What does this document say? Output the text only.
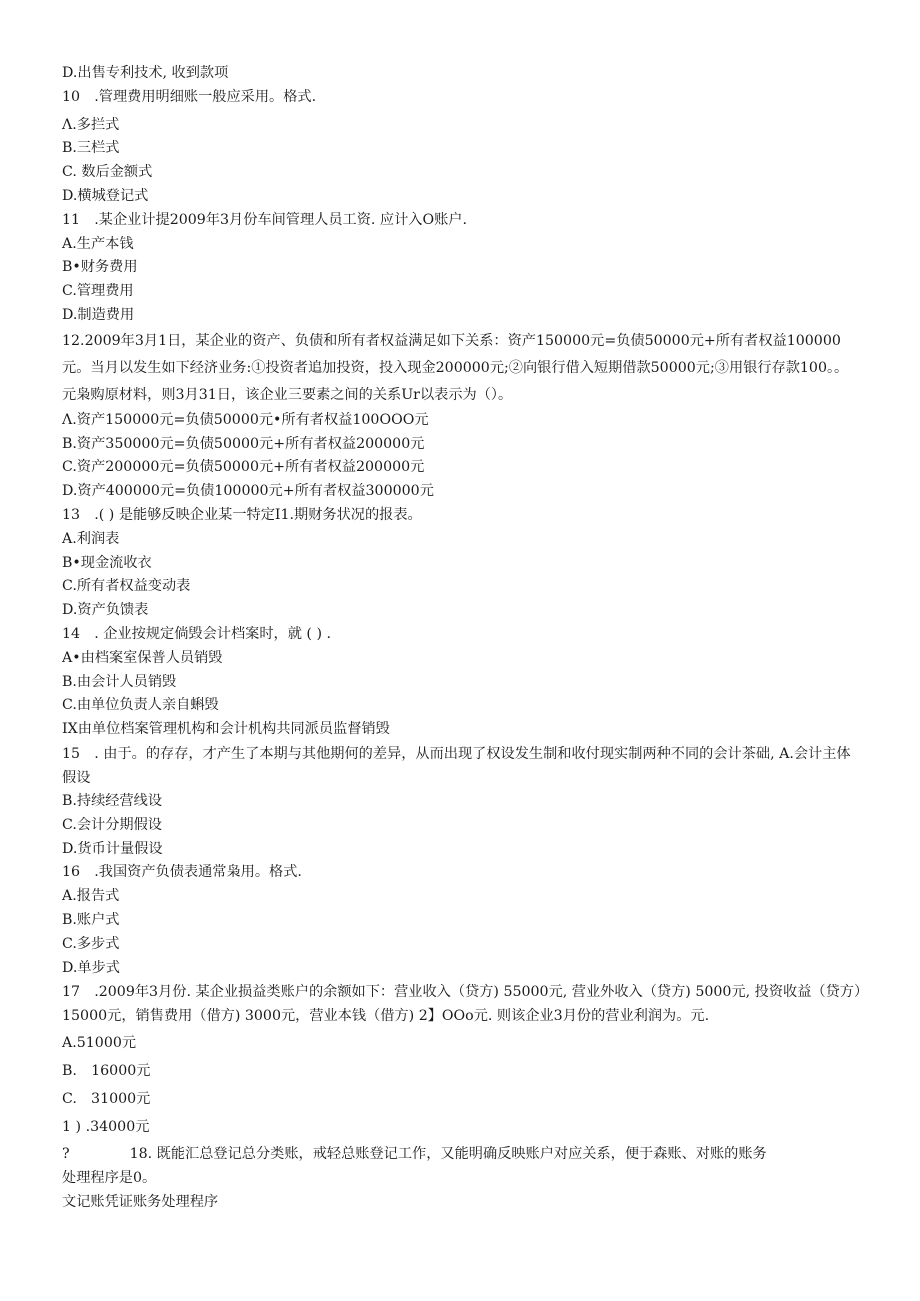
D.出售专利技术, 收到款项

10　.管理费用明细账一般应采用。格式.

Λ.多拦式

B.三栏式

C. 数后金额式

D.横城登记式

11　.某企业计提2009年3月份车间管理人员工资. 应计入O账户.

A.生产本钱

B•财务费用

C.管理费用

D.制造费用

12.2009年3月1日，某企业的资产、负债和所有者权益满足如下关系：资产150000元=负债50000元+所有者权益100000元。当月以发生如下经济业务:①投资者追加投资，投入现金200000元;②向银行借入短期借款50000元;③用银行存款100。。元枭购原材料，则3月31日，该企业三要素之间的关系Ur以表示为（）。

Λ.资产150000元=负债50000元•所有者权益100OOO元

B.资产350000元=负债50000元+所有者权益200000元

C.资产200000元=负债50000元+所有者权益200000元

D.资产400000元=负债100000元+所有者权益300000元

13　.( ) 是能够反映企业某一特定I1.期财务状况的报表。

A.利润表

B•现金流收衣

C.所有者权益变动表

D.资产负馈表

14　. 企业按规定倘毁会计档案时，就 ( ) .

A•由档案室保普人员销毁

B.由会计人员销毁

C.由单位负责人亲自蝌毁

IX由单位档案管理机构和会计机构共同派员监督销毁

15　. 由于。的存存，才产生了本期与其他期何的差异，从而出现了权设发生制和收付现实制两种不同的会计茶础, A.会计主体假设

B.持续经营线设

C.会计分期假设

D.货币计量假设

16　.我国资产负债表通常枭用。格式.

A.报告式

B.账户式

C.多步式

D.单步式

17　.2009年3月份. 某企业损益类账户的余额如下：营业收入（贷方) 55000元, 营业外收入（贷方) 5000元, 投资收益（贷方）15000元，销售费用（借方) 3000元，营业本钱（借方) 2】OOo元. 则该企业3月份的营业利润为。元.

A.51000元

B.　16000元

C.　31000元

1 ) .34000元

?	18. 既能汇总登记总分类账，戒轻总账登记工作，又能明确反映账户对应关系，便于森账、对账的账务

处理程序是0。

文记账凭证账务处理程序
